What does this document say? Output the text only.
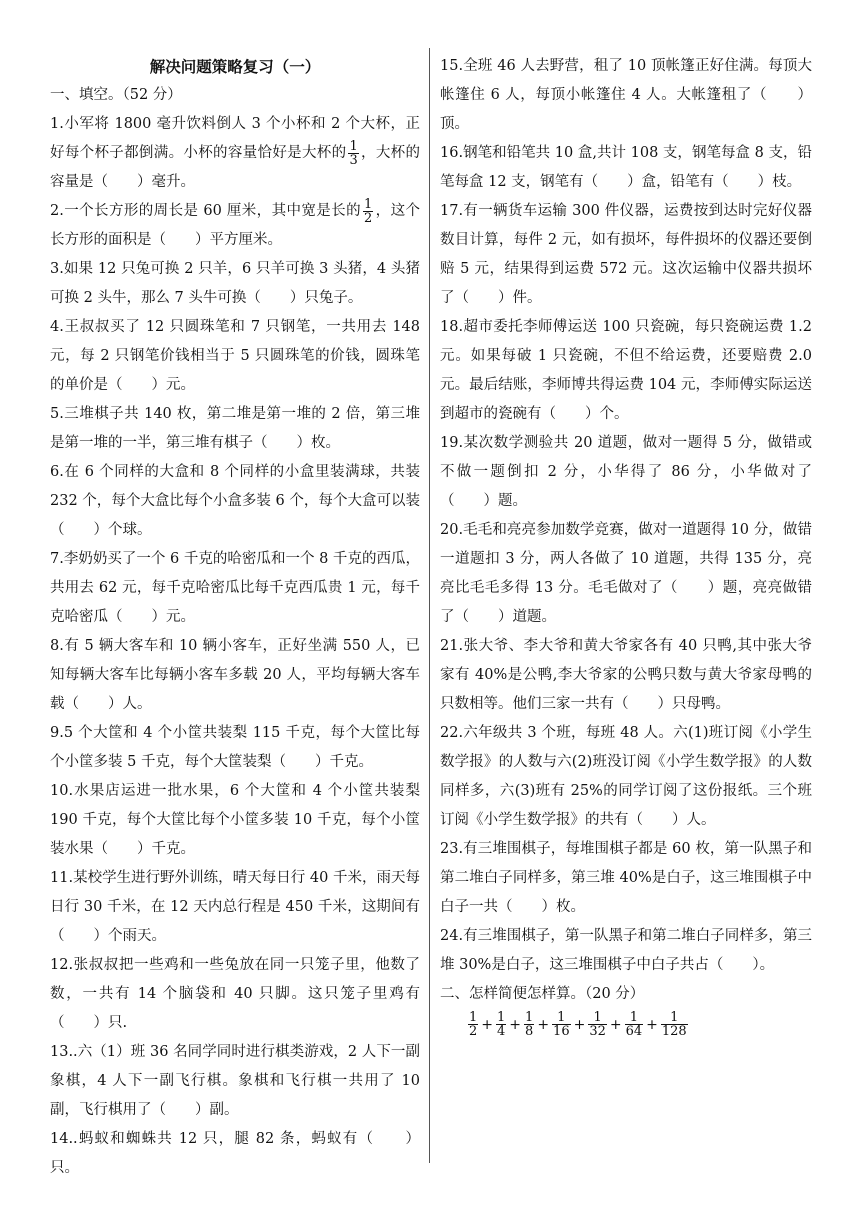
解决问题策略复习（一）

一、填空。（52 分）

1.小军将 1800 毫升饮料倒人 3 个小杯和 2 个大杯，正好每个杯子都倒满。小杯的容量恰好是大杯的 $\frac{1}{3}$ ，大杯的容量是（　　）毫升。

2.一个长方形的周长是 60 厘米，其中宽是长的 $\frac{1}{2}$ ，这个长方形的面积是（　　）平方厘米。

3.如果 12 只兔可换 2 只羊，6 只羊可换 3 头猪，4 头猪可换 2 头牛，那么 7 头牛可换（　　）只兔子。

4.王叔叔买了 12 只圆珠笔和 7 只钢笔，一共用去 148 元，每 2 只钢笔价钱相当于 5 只圆珠笔的价钱，圆珠笔的单价是（　　）元。

5.三堆棋子共 140 枚，第二堆是第一堆的 2 倍，第三堆是第一堆的一半，第三堆有棋子（　　）枚。

6.在 6 个同样的大盒和 8 个同样的小盒里装满球，共装 232 个，每个大盒比每个小盒多装 6 个，每个大盒可以装（　　）个球。

7.李奶奶买了一个 6 千克的哈密瓜和一个 8 千克的西瓜，共用去 62 元，每千克哈密瓜比每千克西瓜贵 1 元，每千克哈密瓜（　　）元。

8.有 5 辆大客车和 10 辆小客车，正好坐满 550 人，已知每辆大客车比每辆小客车多载 20 人，平均每辆大客车载（　　）人。

9.5 个大筐和 4 个小筐共装梨 115 千克，每个大筐比每个小筐多装 5 千克，每个大筐装梨（　　）千克。

10.水果店运进一批水果，6 个大筐和 4 个小筐共装梨 190 千克，每个大筐比每个小筐多装 10 千克，每个小筐装水果（　　）千克。

11.某校学生进行野外训练，晴天每日行 40 千米，雨天每日行 30 千米，在 12 天内总行程是 450 千米，这期间有（　　）个雨天。

12.张叔叔把一些鸡和一些兔放在同一只笼子里，他数了数，一共有 14 个脑袋和 40 只脚。这只笼子里鸡有（　　）只.

13..六（1）班 36 名同学同时进行棋类游戏，2 人下一副象棋，4 人下一副飞行棋。象棋和飞行棋一共用了 10 副，飞行棋用了（　　）副。

14..蚂蚁和蜘蛛共 12 只，腿 82 条，蚂蚁有（　　）只。

15.全班 46 人去野营，租了 10 顶帐篷正好住满。每顶大帐篷住 6 人，每顶小帐篷住 4 人。大帐篷租了（　　）顶。

16.钢笔和铅笔共 10 盒,共计 108 支，钢笔每盒 8 支，铅笔每盒 12 支，钢笔有（　　）盒，铅笔有（　　）枝。

17.有一辆货车运输 300 件仪器，运费按到达时完好仪器数目计算，每件 2 元，如有损坏，每件损坏的仪器还要倒赔 5 元，结果得到运费 572 元。这次运输中仪器共损坏了（　　）件。

18.超市委托李师傅运送 100 只瓷碗，每只瓷碗运费 1.2 元。如果每破 1 只瓷碗，不但不给运费，还要赔费 2.0 元。最后结账，李师博共得运费 104 元，李师傅实际运送到超市的瓷碗有（　　）个。

19.某次数学测验共 20 道题，做对一题得 5 分，做错或不做一题倒扣 2 分，小华得了 86 分，小华做对了（　　）题。

20.毛毛和亮亮参加数学竞赛，做对一道题得 10 分，做错一道题扣 3 分，两人各做了 10 道题，共得 135 分，亮亮比毛毛多得 13 分。毛毛做对了（　　）题，亮亮做错了（　　）道题。

21.张大爷、李大爷和黄大爷家各有 40 只鸭,其中张大爷家有 40%是公鸭,李大爷家的公鸭只数与黄大爷家母鸭的只数相等。他们三家一共有（　　）只母鸭。

22.六年级共 3 个班，每班 48 人。六(1)班订阅《小学生数学报》的人数与六(2)班没订阅《小学生数学报》的人数同样多，六(3)班有 25%的同学订阅了这份报纸。三个班订阅《小学生数学报》的共有（　　）人。

23.有三堆围棋子，每堆围棋子都是 60 枚，第一队黑子和第二堆白子同样多，第三堆 40%是白子，这三堆围棋子中白子一共（　　）枚。

24.有三堆围棋子，第一队黑子和第二堆白子同样多，第三堆 30%是白子，这三堆围棋子中白子共占（　　）。

二、怎样简便怎样算。（20 分）

$\frac{1}{2} + \frac{1}{4} + \frac{1}{8} + \frac{1}{16} + \frac{1}{32} + \frac{1}{64} + \frac{1}{128}$
